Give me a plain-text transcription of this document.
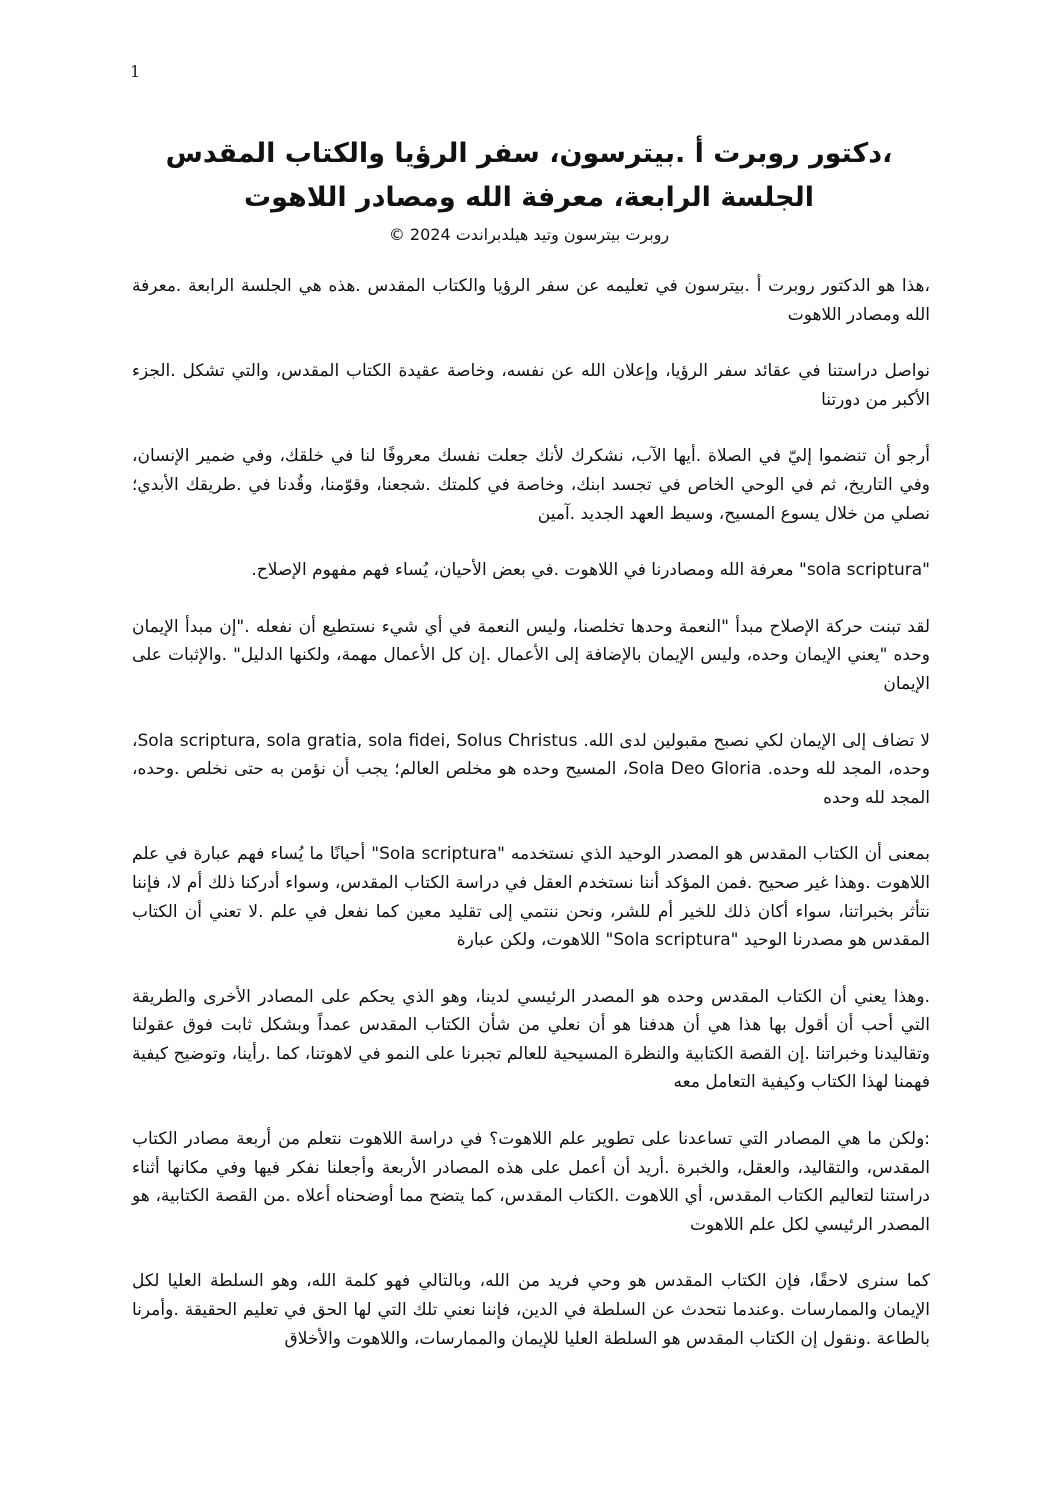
1

،دكتور روبرت أ .بيترسون، سفر الرؤيا والكتاب المقدس

الجلسة الرابعة، معرفة الله ومصادر اللاهوت

روبرت بيترسون وتيد هيلدبراندت 2024 ©

،هذا هو الدكتور روبرت أ .بيترسون في تعليمه عن سفر الرؤيا والكتاب المقدس .هذه هي الجلسة الرابعة .معرفة الله ومصادر اللاهوت

نواصل دراستنا في عقائد سفر الرؤيا، وإعلان الله عن نفسه، وخاصة عقيدة الكتاب المقدس، والتي تشكل .الجزء الأكبر من دورتنا

أرجو أن تنضموا إليّ في الصلاة .أيها الآب، نشكرك لأنك جعلت نفسك معروفًا لنا في خلقك، وفي ضمير الإنسان، وفي التاريخ، ثم في الوحي الخاص في تجسد ابنك، وخاصة في كلمتك .شجعنا، وقوّمنا، وقُدنا في .طريقك الأبدي؛ نصلي من خلال يسوع المسيح، وسيط العهد الجديد .آمين

"sola scriptura" معرفة الله ومصادرنا في اللاهوت .في بعض الأحيان، يُساء فهم مفهوم الإصلاح.

لقد تبنت حركة الإصلاح مبدأ "النعمة وحدها تخلصنا، وليس النعمة في أي شيء نستطيع أن نفعله ."إن مبدأ الإيمان وحده "يعني الإيمان وحده، وليس الإيمان بالإضافة إلى الأعمال .إن كل الأعمال مهمة، ولكنها الدليل" .والإثبات على الإيمان

لا تضاف إلى الإيمان لكي نصبح مقبولين لدى الله. Sola scriptura, sola gratia, sola fidei, Solus Christus، وحده، المجد لله وحده. Sola Deo Gloria، المسيح وحده هو مخلص العالم؛ يجب أن نؤمن به حتى نخلص .وحده، المجد لله وحده

بمعنى أن الكتاب المقدس هو المصدر الوحيد الذي نستخدمه "Sola scriptura" أحيانًا ما يُساء فهم عبارة في علم اللاهوت .وهذا غير صحيح .فمن المؤكد أننا نستخدم العقل في دراسة الكتاب المقدس، وسواء أدركنا ذلك أم لا، فإننا نتأثر بخبراتنا، سواء أكان ذلك للخير أم للشر، ونحن ننتمي إلى تقليد معين كما نفعل في علم .لا تعني أن الكتاب المقدس هو مصدرنا الوحيد "Sola scriptura" اللاهوت، ولكن عبارة

.وهذا يعني أن الكتاب المقدس وحده هو المصدر الرئيسي لدينا، وهو الذي يحكم على المصادر الأخرى والطريقة التي أحب أن أقول بها هذا هي أن هدفنا هو أن نعلي من شأن الكتاب المقدس عمداً وبشكل ثابت فوق عقولنا وتقاليدنا وخبراتنا .إن القصة الكتابية والنظرة المسيحية للعالم تجبرنا على النمو في لاهوتنا، كما .رأينا، وتوضيح كيفية فهمنا لهذا الكتاب وكيفية التعامل معه

:ولكن ما هي المصادر التي تساعدنا على تطوير علم اللاهوت؟ في دراسة اللاهوت نتعلم من أربعة مصادر الكتاب المقدس، والتقاليد، والعقل، والخبرة .أريد أن أعمل على هذه المصادر الأربعة وأجعلنا نفكر فيها وفي مكانها أثناء دراستنا لتعاليم الكتاب المقدس، أي اللاهوت .الكتاب المقدس، كما يتضح مما أوضحناه أعلاه .من القصة الكتابية، هو المصدر الرئيسي لكل علم اللاهوت

كما سنرى لاحقًا، فإن الكتاب المقدس هو وحي فريد من الله، وبالتالي فهو كلمة الله، وهو السلطة العليا لكل الإيمان والممارسات .وعندما نتحدث عن السلطة في الدين، فإننا نعني تلك التي لها الحق في تعليم الحقيقة .وأمرنا بالطاعة .ونقول إن الكتاب المقدس هو السلطة العليا للإيمان والممارسات، واللاهوت والأخلاق
